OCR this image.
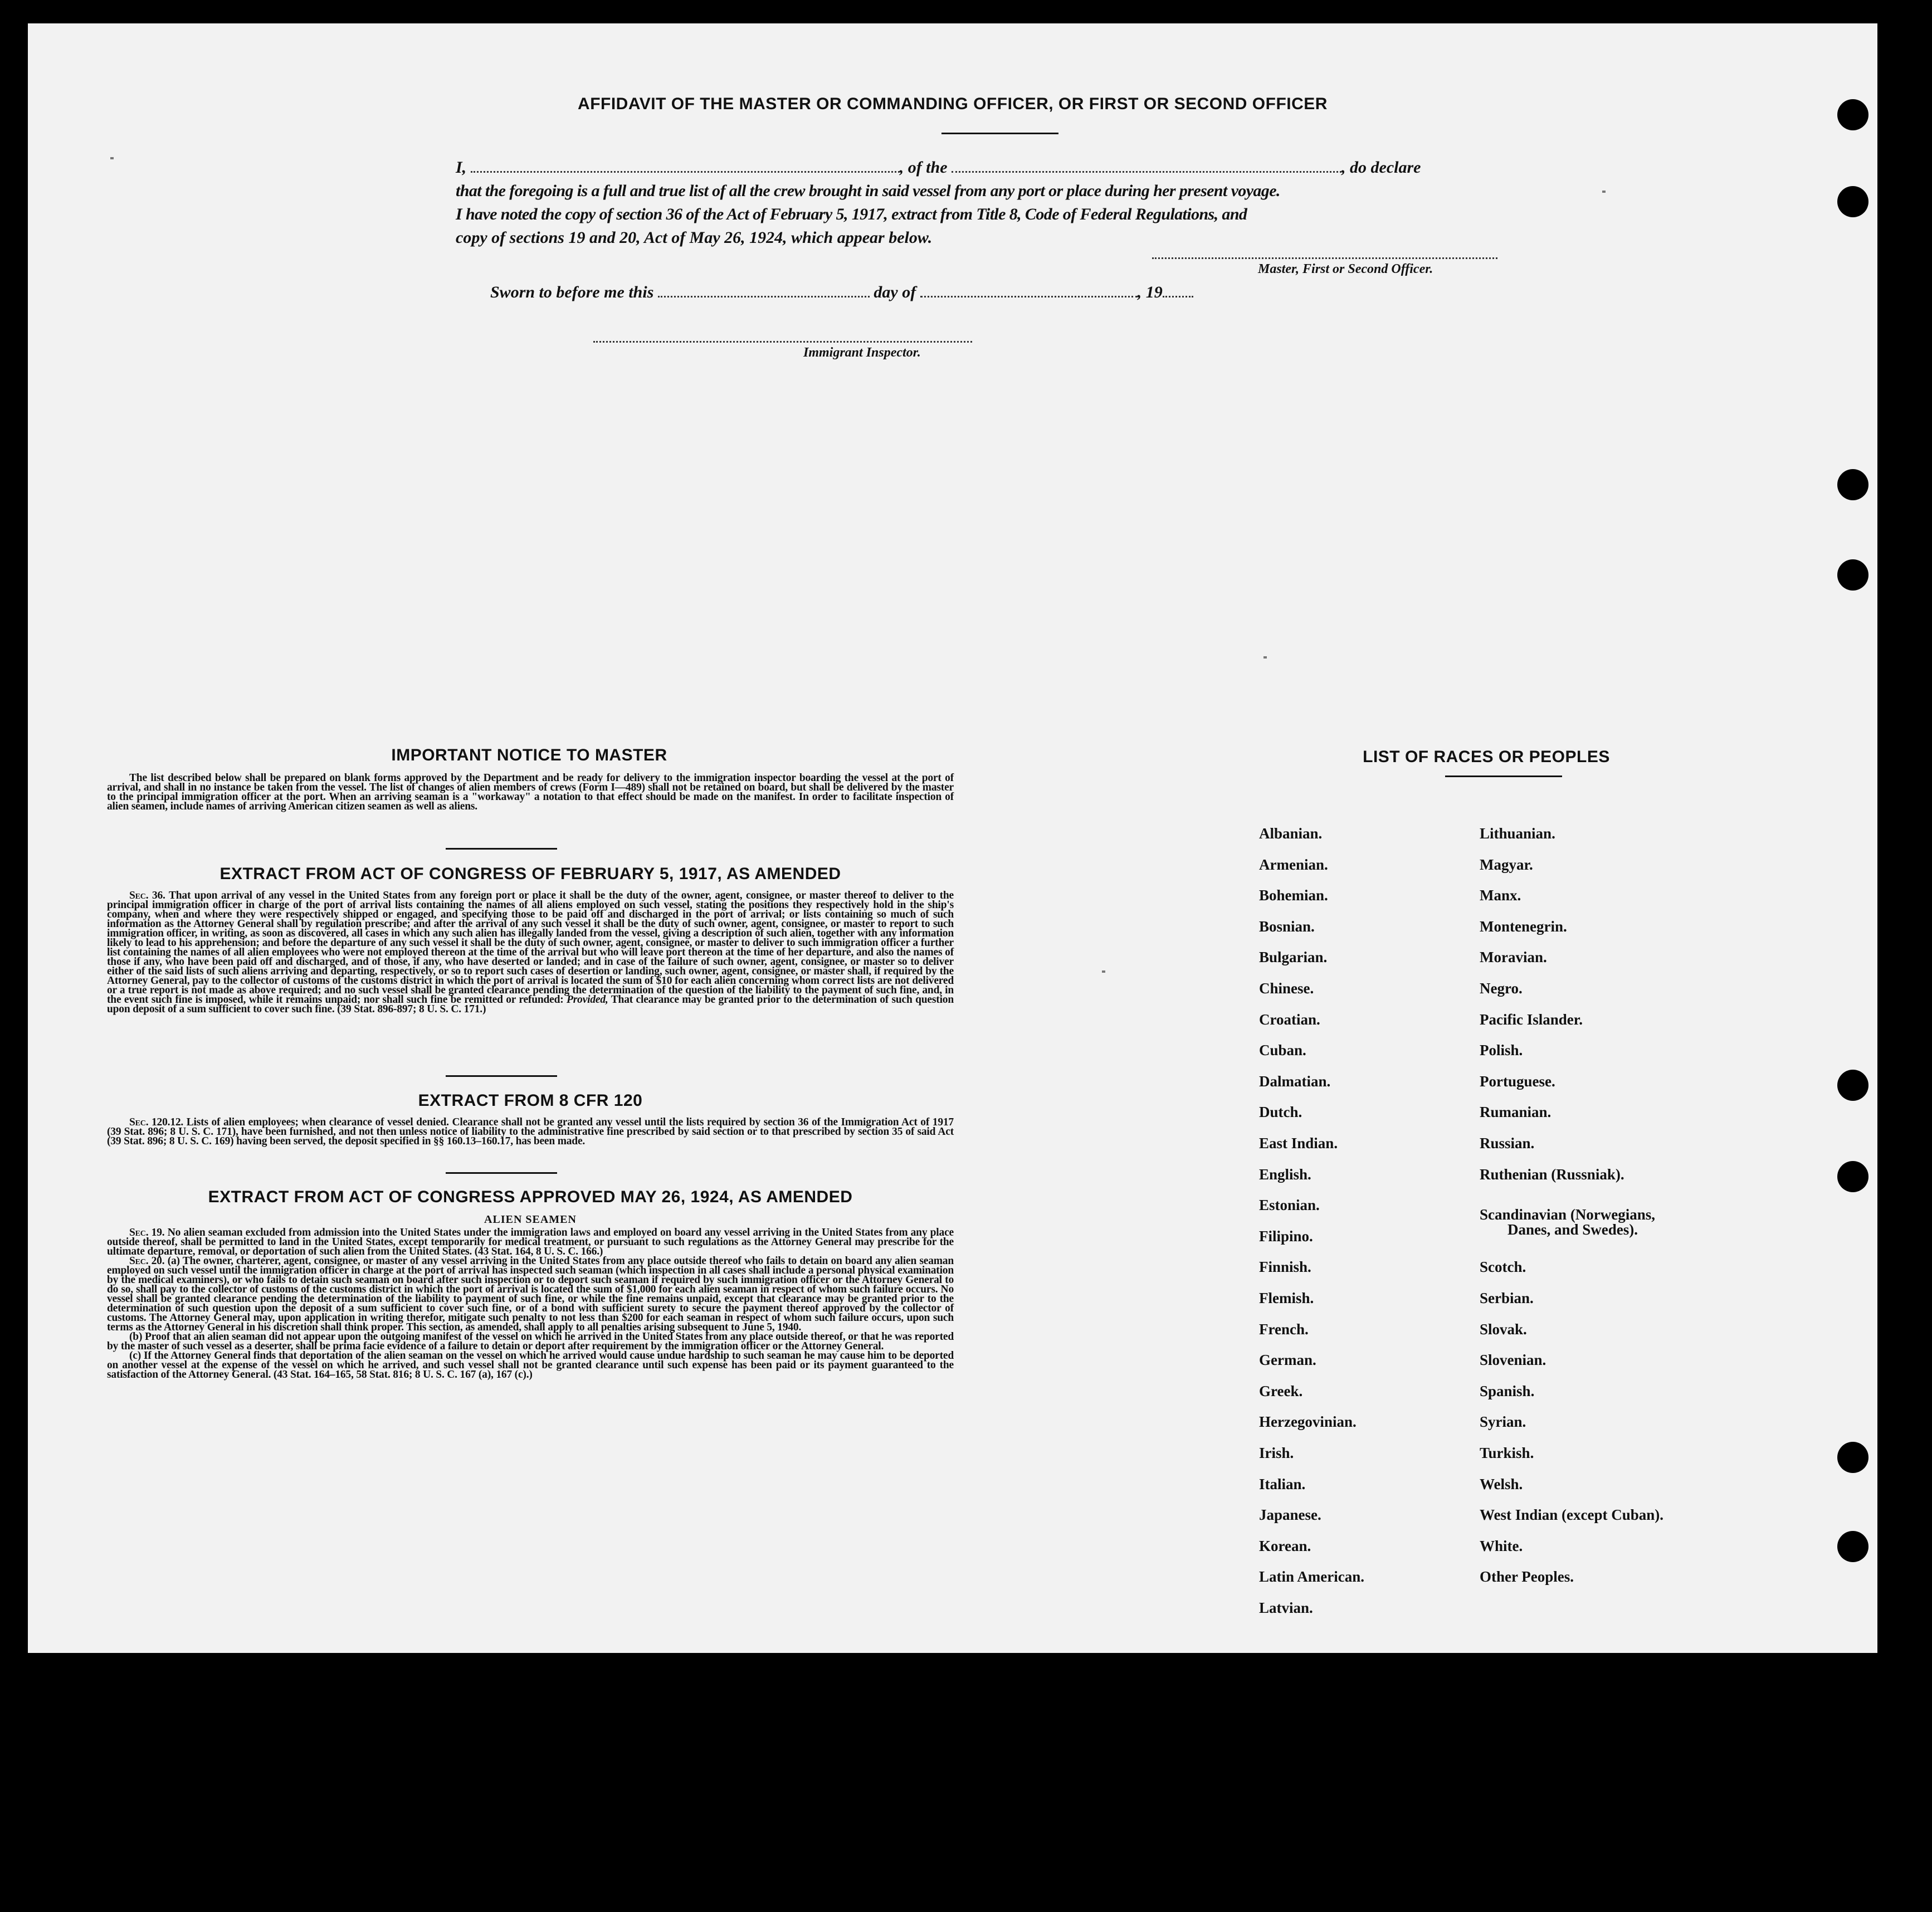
AFFIDAVIT OF THE MASTER OR COMMANDING OFFICER, OR FIRST OR SECOND OFFICER
I,	, of the	, do declare
that the foregoing is a full and true list of all the crew brought in said vessel from any port or place during her present voyage.
I have noted the copy of section 36 of the Act of February 5, 1917, extract from Title 8, Code of Federal Regulations, and
copy of sections 19 and 20, Act of May 26, 1924, which appear below.
Master, First or Second Officer.
Sworn to before me this	day of	, 19
Immigrant Inspector.
IMPORTANT NOTICE TO MASTER

The list described below shall be prepared on blank forms approved by the Department and be ready for delivery to the immigration inspector boarding the vessel at the port of arrival, and shall in no instance be taken from the vessel. The list of changes of alien members of crews (Form I—489) shall not be retained on board, but shall be delivered by the master to the principal immigration officer at the port. When an arriving seaman is a "workaway" a notation to that effect should be made on the manifest. In order to facilitate inspection of alien seamen, include names of arriving American citizen seamen as well as aliens.

EXTRACT FROM ACT OF CONGRESS OF FEBRUARY 5, 1917, AS AMENDED

Sec. 36. That upon arrival of any vessel in the United States from any foreign port or place it shall be the duty of the owner, agent, consignee, or master thereof to deliver to the principal immigration officer in charge of the port of arrival lists containing the names of all aliens employed on such vessel, stating the positions they respectively hold in the ship's company, when and where they were respectively shipped or engaged, and specifying those to be paid off and discharged in the port of arrival; or lists containing so much of such information as the Attorney General shall by regulation prescribe; and after the arrival of any such vessel it shall be the duty of such owner, agent, consignee, or master to report to such immigration officer, in writing, as soon as discovered, all cases in which any such alien has illegally landed from the vessel, giving a description of such alien, together with any information likely to lead to his apprehension; and before the departure of any such vessel it shall be the duty of such owner, agent, consignee, or master to deliver to such immigration officer a further list containing the names of all alien employees who were not employed thereon at the time of the arrival but who will leave port thereon at the time of her departure, and also the names of those if any, who have been paid off and discharged, and of those, if any, who have deserted or landed; and in case of the failure of such owner, agent, consignee, or master so to deliver either of the said lists of such aliens arriving and departing, respectively, or so to report such cases of desertion or landing, such owner, agent, consignee, or master shall, if required by the Attorney General, pay to the collector of customs of the customs district in which the port of arrival is located the sum of $10 for each alien concerning whom correct lists are not delivered or a true report is not made as above required; and no such vessel shall be granted clearance pending the determination of the question of the liability to the payment of such fine, and, in the event such fine is imposed, while it remains unpaid; nor shall such fine be remitted or refunded: Provided, That clearance may be granted prior to the determination of such question upon deposit of a sum sufficient to cover such fine. (39 Stat. 896-897; 8 U. S. C. 171.)

EXTRACT FROM 8 CFR 120

Sec. 120.12. Lists of alien employees; when clearance of vessel denied. Clearance shall not be granted any vessel until the lists required by section 36 of the Immigration Act of 1917 (39 Stat. 896; 8 U. S. C. 171), have been furnished, and not then unless notice of liability to the administrative fine prescribed by said section or to that prescribed by section 35 of said Act (39 Stat. 896; 8 U. S. C. 169) having been served, the deposit specified in §§ 160.13–160.17, has been made.

EXTRACT FROM ACT OF CONGRESS APPROVED MAY 26, 1924, AS AMENDED
ALIEN SEAMEN

Sec. 19. No alien seaman excluded from admission into the United States under the immigration laws and employed on board any vessel arriving in the United States from any place outside thereof, shall be permitted to land in the United States, except temporarily for medical treatment, or pursuant to such regulations as the Attorney General may prescribe for the ultimate departure, removal, or deportation of such alien from the United States. (43 Stat. 164, 8 U. S. C. 166.)

Sec. 20. (a) The owner, charterer, agent, consignee, or master of any vessel arriving in the United States from any place outside thereof who fails to detain on board any alien seaman employed on such vessel until the immigration officer in charge at the port of arrival has inspected such seaman (which inspection in all cases shall include a personal physical examination by the medical examiners), or who fails to detain such seaman on board after such inspection or to deport such seaman if required by such immigration officer or the Attorney General to do so, shall pay to the collector of customs of the customs district in which the port of arrival is located the sum of $1,000 for each alien seaman in respect of whom such failure occurs. No vessel shall be granted clearance pending the determination of the liability to payment of such fine, or while the fine remains unpaid, except that clearance may be granted prior to the determination of such question upon the deposit of a sum sufficient to cover such fine, or of a bond with sufficient surety to secure the payment thereof approved by the collector of customs. The Attorney General may, upon application in writing therefor, mitigate such penalty to not less than $200 for each seaman in respect of whom such failure occurs, upon such terms as the Attorney General in his discretion shall think proper. This section, as amended, shall apply to all penalties arising subsequent to June 5, 1940.

(b) Proof that an alien seaman did not appear upon the outgoing manifest of the vessel on which he arrived in the United States from any place outside thereof, or that he was reported by the master of such vessel as a deserter, shall be prima facie evidence of a failure to detain or deport after requirement by the immigration officer or the Attorney General.

(c) If the Attorney General finds that deportation of the alien seaman on the vessel on which he arrived would cause undue hardship to such seaman he may cause him to be deported on another vessel at the expense of the vessel on which he arrived, and such vessel shall not be granted clearance until such expense has been paid or its payment guaranteed to the satisfaction of the Attorney General. (43 Stat. 164–165, 58 Stat. 816; 8 U. S. C. 167 (a), 167 (c).)

LIST OF RACES OR PEOPLES
Albanian.
Armenian.
Bohemian.
Bosnian.
Bulgarian.
Chinese.
Croatian.
Cuban.
Dalmatian.
Dutch.
East Indian.
English.
Estonian.
Filipino.
Finnish.
Flemish.
French.
German.
Greek.
Herzegovinian.
Irish.
Italian.
Japanese.
Korean.
Latin American.
Latvian.
Lithuanian.
Magyar.
Manx.
Montenegrin.
Moravian.
Negro.
Pacific Islander.
Polish.
Portuguese.
Rumanian.
Russian.
Ruthenian (Russniak).
Scandinavian (Norwegians,
Danes, and Swedes).
Scotch.
Serbian.
Slovak.
Slovenian.
Spanish.
Syrian.
Turkish.
Welsh.
West Indian (except Cuban).
White.
Other Peoples.
